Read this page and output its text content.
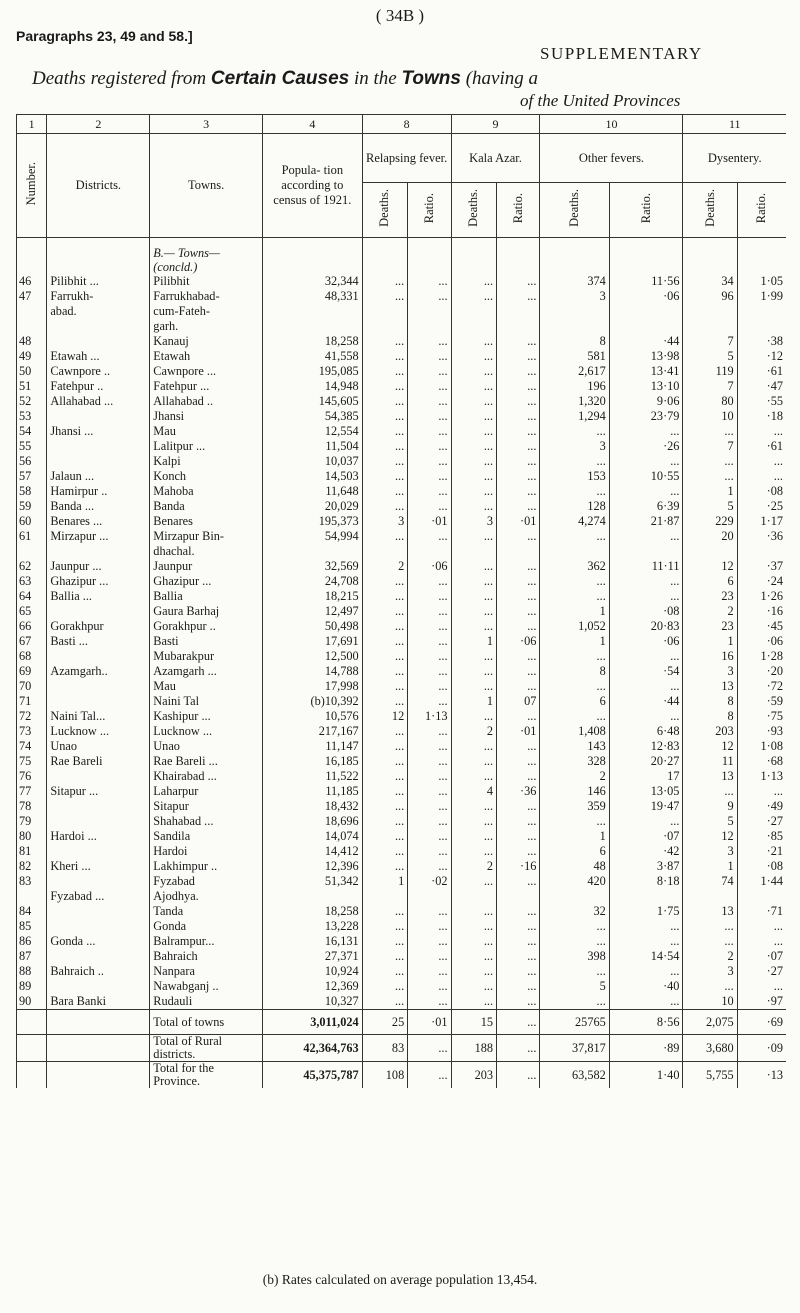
( 34B )
Paragraphs 23, 49 and 58.]
SUPPLEMENTARY
Deaths registered from Certain Causes in the Towns (having a
of the United Provinces
1	2	3	4	8		9		10		11	
Number.	Districts.	Towns.	Popula- tion according to census of 1921.	Relapsing fever.		Kala Azar.		Other fevers.		Dysentery.	
				Deaths.	Ratio.	Deaths.	Ratio.	Deaths.	Ratio.	Deaths.	Ratio.
		B.— Towns— (concld.)									
46	Pilibhit ...	Pilibhit	32,344	...	...	...	...	374	11·56	34	1·05
47	Farrukh-	Farrukhabad-	48,331	...	...	...	...	3	·06	96	1·99
	abad.	cum-Fateh-									
		garh.									
48		Kanauj	18,258	...	...	...	...	8	·44	7	·38
49	Etawah ...	Etawah	41,558	...	...	...	...	581	13·98	5	·12
50	Cawnpore ..	Cawnpore ...	195,085	...	...	...	...	2,617	13·41	119	·61
51	Fatehpur ..	Fatehpur ...	14,948	...	...	...	...	196	13·10	7	·47
52	Allahabad ...	Allahabad ..	145,605	...	...	...	...	1,320	9·06	80	·55
53		Jhansi	54,385	...	...	...	...	1,294	23·79	10	·18
54	Jhansi ...	Mau	12,554	...	...	...	...	...	...	...	...
55		Lalitpur ...	11,504	...	...	...	...	3	·26	7	·61
56		Kalpi	10,037	...	...	...	...	...	...	...	...
57	Jalaun ...	Konch	14,503	...	...	...	...	153	10·55	...	...
58	Hamirpur ..	Mahoba	11,648	...	...	...	...	...	...	1	·08
59	Banda ...	Banda	20,029	...	...	...	...	128	6·39	5	·25
60	Benares ...	Benares	195,373	3	·01	3	·01	4,274	21·87	229	1·17
61	Mirzapur ...	Mirzapur Bin-	54,994	...	...	...	...	...	...	20	·36
		dhachal.									
62	Jaunpur ...	Jaunpur	32,569	2	·06	...	...	362	11·11	12	·37
63	Ghazipur ...	Ghazipur ...	24,708	...	...	...	...	...	...	6	·24
64	Ballia ...	Ballia	18,215	...	...	...	...	...	...	23	1·26
65		Gaura Barhaj	12,497	...	...	...	...	1	·08	2	·16
66	Gorakhpur	Gorakhpur ..	50,498	...	...	...	...	1,052	20·83	23	·45
67	Basti ...	Basti	17,691	...	...	1	·06	1	·06	1	·06
68		Mubarakpur	12,500	...	...	...	...	...	...	16	1·28
69	Azamgarh..	Azamgarh ...	14,788	...	...	...	...	8	·54	3	·20
70		Mau	17,998	...	...	...	...	...	...	13	·72
71		Naini Tal	(b)10,392	...	...	1	07	6	·44	8	·59
72	Naini Tal...	Kashipur ...	10,576	12	1·13	...	...	...	...	8	·75
73	Lucknow ...	Lucknow ...	217,167	...	...	2	·01	1,408	6·48	203	·93
74	Unao	Unao	11,147	...	...	...	...	143	12·83	12	1·08
75	Rae Bareli	Rae Bareli ...	16,185	...	...	...	...	328	20·27	11	·68
76		Khairabad ...	11,522	...	...	...	...	2	17	13	1·13
77	Sitapur ...	Laharpur	11,185	...	...	4	·36	146	13·05	...	...
78		Sitapur	18,432	...	...	...	...	359	19·47	9	·49
79		Shahabad ...	18,696	...	...	...	...	...	...	5	·27
80	Hardoi ...	Sandila	14,074	...	...	...	...	1	·07	12	·85
81		Hardoi	14,412	...	...	...	...	6	·42	3	·21
82	Kheri ...	Lakhimpur ..	12,396	...	...	2	·16	48	3·87	1	·08
83		Fyzabad	51,342	1	·02	...	...	420	8·18	74	1·44
	Fyzabad ...	Ajodhya.									
84		Tanda	18,258	...	...	...	...	32	1·75	13	·71
85		Gonda	13,228	...	...	...	...	...	...	...	...
86	Gonda ...	Balrampur...	16,131	...	...	...	...	...	...	...	...
87		Bahraich	27,371	...	...	...	...	398	14·54	2	·07
88	Bahraich ..	Nanpara	10,924	...	...	...	...	...	...	3	·27
89		Nawabganj ..	12,369	...	...	...	...	5	·40	...	...
90	Bara Banki	Rudauli	10,327	...	...	...	...	...	...	10	·97
		Total of towns	3,011,024	25	·01	15	...	25765	8·56	2,075	·69
		Total of Rural districts.	42,364,763	83	...	188	...	37,817	·89	3,680	·09
		Total for the Province.	45,375,787	108	...	203	...	63,582	1·40	5,755	·13
(b) Rates calculated on average population 13,454.
